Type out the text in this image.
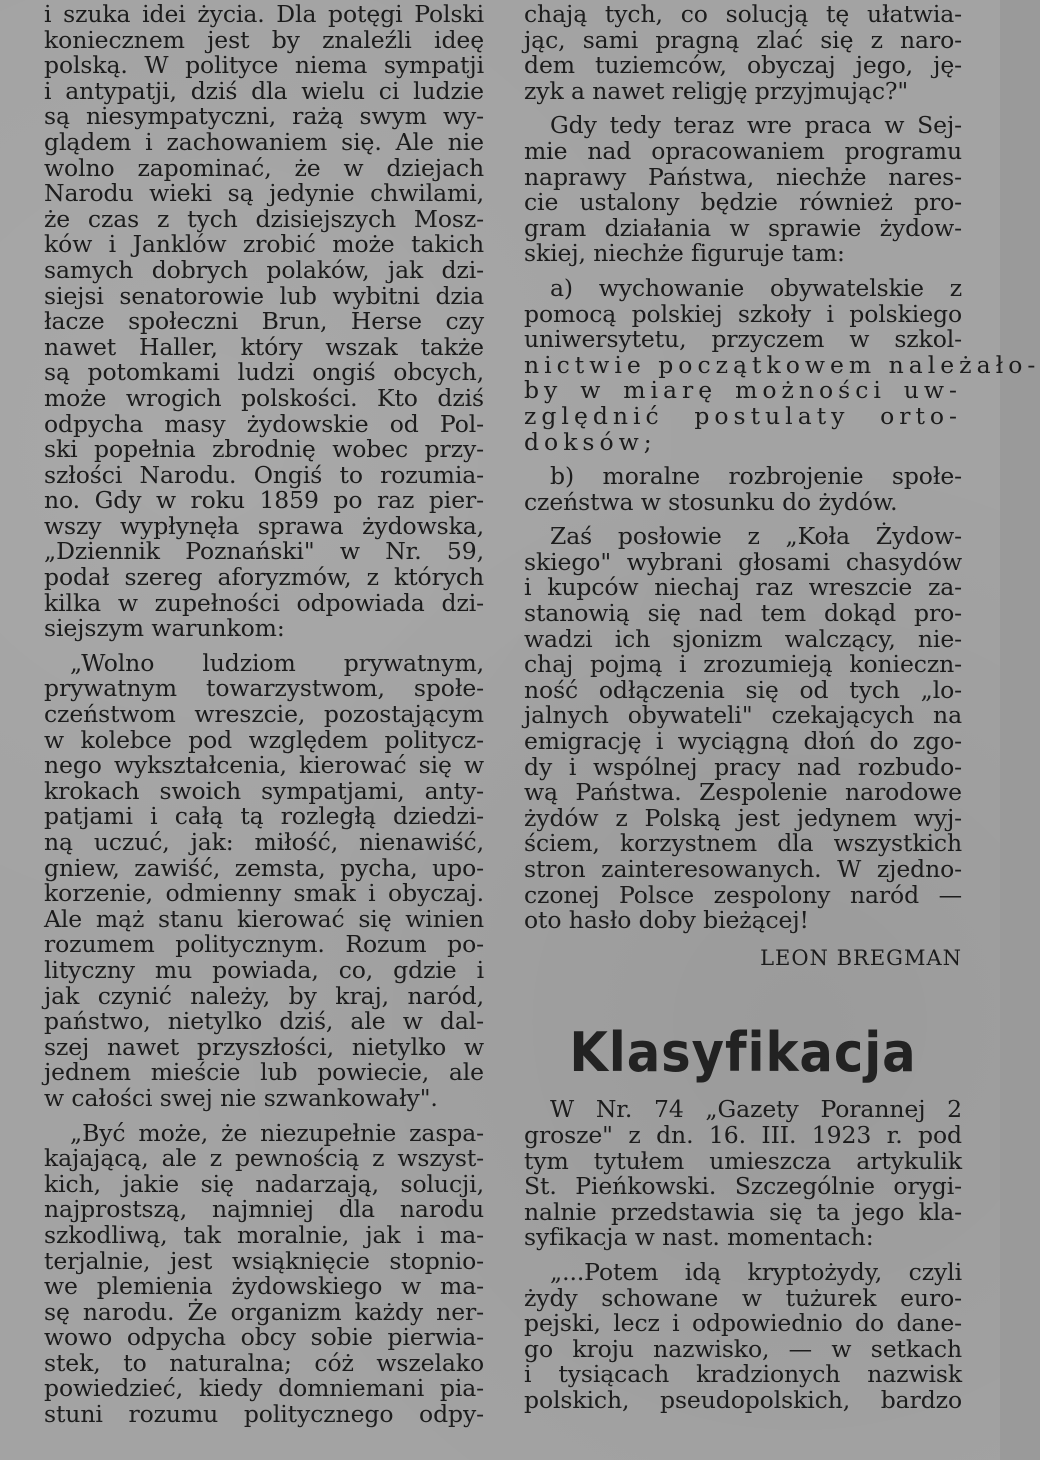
i szuka idei życia. Dla potęgi Polski
koniecznem jest by znaleźli ideę
polską. W polityce niema sympatji
i antypatji, dziś dla wielu ci ludzie
są niesympatyczni, rażą swym wy-
glądem i zachowaniem się. Ale nie
wolno zapominać, że w dziejach
Narodu wieki są jedynie chwilami,
że czas z tych dzisiejszych Mosz-
ków i Janklów zrobić może takich
samych dobrych polaków, jak dzi-
siejsi senatorowie lub wybitni dzia
łacze społeczni Brun, Herse czy
nawet Haller, który wszak także
są potomkami ludzi ongiś obcych,
może wrogich polskości. Kto dziś
odpycha masy żydowskie od Pol-
ski popełnia zbrodnię wobec przy-
szłości Narodu. Ongiś to rozumia-
no. Gdy w roku 1859 po raz pier-
wszy wypłynęła sprawa żydowska,
„Dziennik Poznański" w Nr. 59,
podał szereg aforyzmów, z których
kilka w zupełności odpowiada dzi-
siejszym warunkom:
„Wolno ludziom prywatnym,
prywatnym towarzystwom, społe-
czeństwom wreszcie, pozostającym
w kolebce pod względem politycz-
nego wykształcenia, kierować się w
krokach swoich sympatjami, anty-
patjami i całą tą rozległą dziedzi-
ną uczuć, jak: miłość, nienawiść,
gniew, zawiść, zemsta, pycha, upo-
korzenie, odmienny smak i obyczaj.
Ale mąż stanu kierować się winien
rozumem politycznym. Rozum po-
lityczny mu powiada, co, gdzie i
jak czynić należy, by kraj, naród,
państwo, nietylko dziś, ale w dal-
szej nawet przyszłości, nietylko w
jednem mieście lub powiecie, ale
w całości swej nie szwankowały".
„Być może, że niezupełnie zaspa-
kajającą, ale z pewnością z wszyst-
kich, jakie się nadarzają, solucji,
najprostszą, najmniej dla narodu
szkodliwą, tak moralnie, jak i ma-
terjalnie, jest wsiąknięcie stopnio-
we plemienia żydowskiego w ma-
sę narodu. Że organizm każdy ner-
wowo odpycha obcy sobie pierwia-
stek, to naturalna; cóż wszelako
powiedzieć, kiedy domniemani pia-
stuni rozumu politycznego odpy-
chają tych, co solucją tę ułatwia-
jąc, sami pragną zlać się z naro-
dem tuziemców, obyczaj jego, ję-
zyk a nawet religję przyjmując?"
Gdy tedy teraz wre praca w Sej-
mie nad opracowaniem programu
naprawy Państwa, niechże nares-
cie ustalony będzie również pro-
gram działania w sprawie żydow-
skiej, niechże figuruje tam:
a) wychowanie obywatelskie z
pomocą polskiej szkoły i polskiego
uniwersytetu, przyczem w szkol-
nictwie początkowem należało-
by w miarę możności uw-
zględnić postulaty orto-
doksów;
b) moralne rozbrojenie społe-
czeństwa w stosunku do żydów.
Zaś posłowie z „Koła Żydow-
skiego" wybrani głosami chasydów
i kupców niechaj raz wreszcie za-
stanowią się nad tem dokąd pro-
wadzi ich sjonizm walczący, nie-
chaj pojmą i zrozumieją konieczn-
ność odłączenia się od tych „lo-
jalnych obywateli" czekających na
emigrację i wyciągną dłoń do zgo-
dy i wspólnej pracy nad rozbudo-
wą Państwa. Zespolenie narodowe
żydów z Polską jest jedynem wyj-
ściem, korzystnem dla wszystkich
stron zainteresowanych. W zjedno-
czonej Polsce zespolony naród —
oto hasło doby bieżącej!
LEON BREGMAN
Klasyfikacja
W Nr. 74 „Gazety Porannej 2
grosze" z dn. 16. III. 1923 r. pod
tym tytułem umieszcza artykulik
St. Pieńkowski. Szczególnie orygi-
nalnie przedstawia się ta jego kla-
syfikacja w nast. momentach:
„...Potem idą kryptożydy, czyli
żydy schowane w tużurek euro-
pejski, lecz i odpowiednio do dane-
go kroju nazwisko, — w setkach
i tysiącach kradzionych nazwisk
polskich, pseudopolskich, bardzo
